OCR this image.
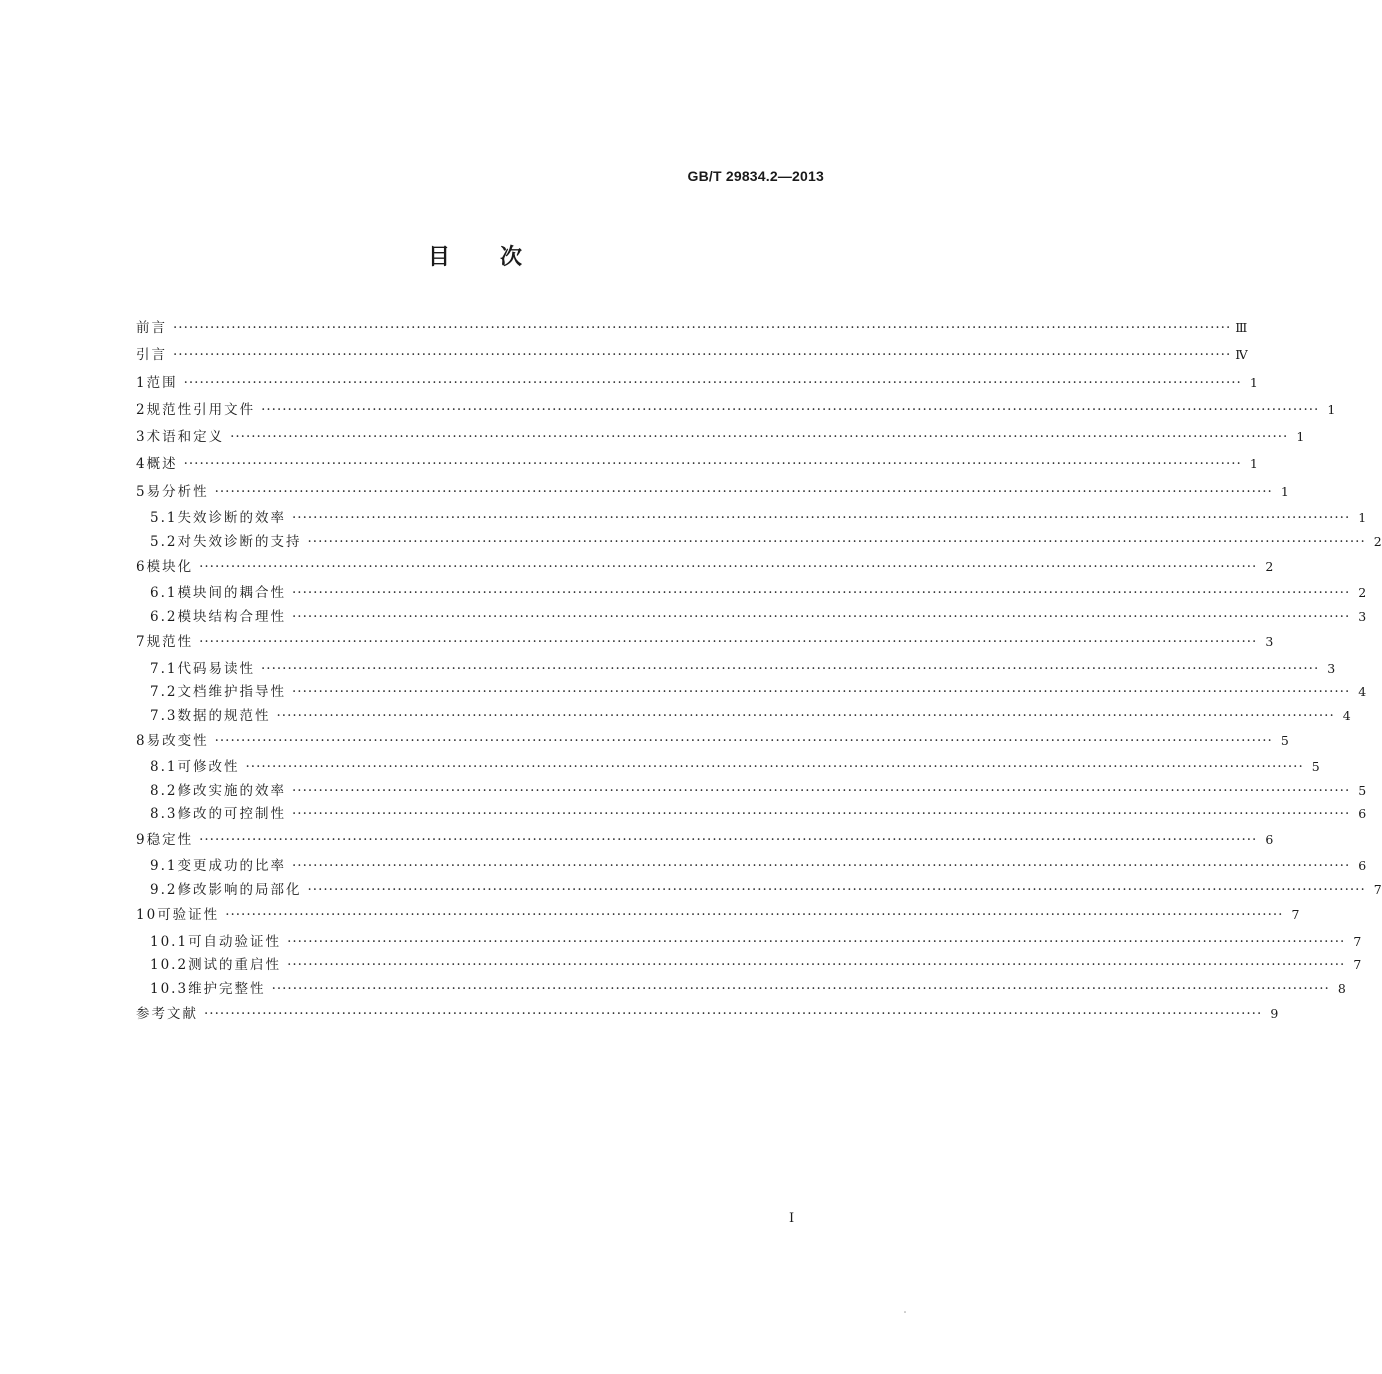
GB/T 29834.2—2013
目次
前言 ········································································································································································································ Ⅲ
引言 ········································································································································································································ Ⅳ
1 范围 ········································································································································································································ 1
2 规范性引用文件 ········································································································································································································ 1
3 术语和定义 ········································································································································································································ 1
4 概述 ········································································································································································································ 1
5 易分析性 ········································································································································································································ 1
5.1 失效诊断的效率 ········································································································································································································ 1
5.2 对失效诊断的支持 ········································································································································································································ 2
6 模块化 ········································································································································································································ 2
6.1 模块间的耦合性 ········································································································································································································ 2
6.2 模块结构合理性 ········································································································································································································ 3
7 规范性 ········································································································································································································ 3
7.1 代码易读性 ········································································································································································································ 3
7.2 文档维护指导性 ········································································································································································································ 4
7.3 数据的规范性 ········································································································································································································ 4
8 易改变性 ········································································································································································································ 5
8.1 可修改性 ········································································································································································································ 5
8.2 修改实施的效率 ········································································································································································································ 5
8.3 修改的可控制性 ········································································································································································································ 6
9 稳定性 ········································································································································································································ 6
9.1 变更成功的比率 ········································································································································································································ 6
9.2 修改影响的局部化 ········································································································································································································ 7
10 可验证性 ········································································································································································································ 7
10.1 可自动验证性 ········································································································································································································ 7
10.2 测试的重启性 ········································································································································································································ 7
10.3 维护完整性 ········································································································································································································ 8
参考文献 ········································································································································································································ 9
I
